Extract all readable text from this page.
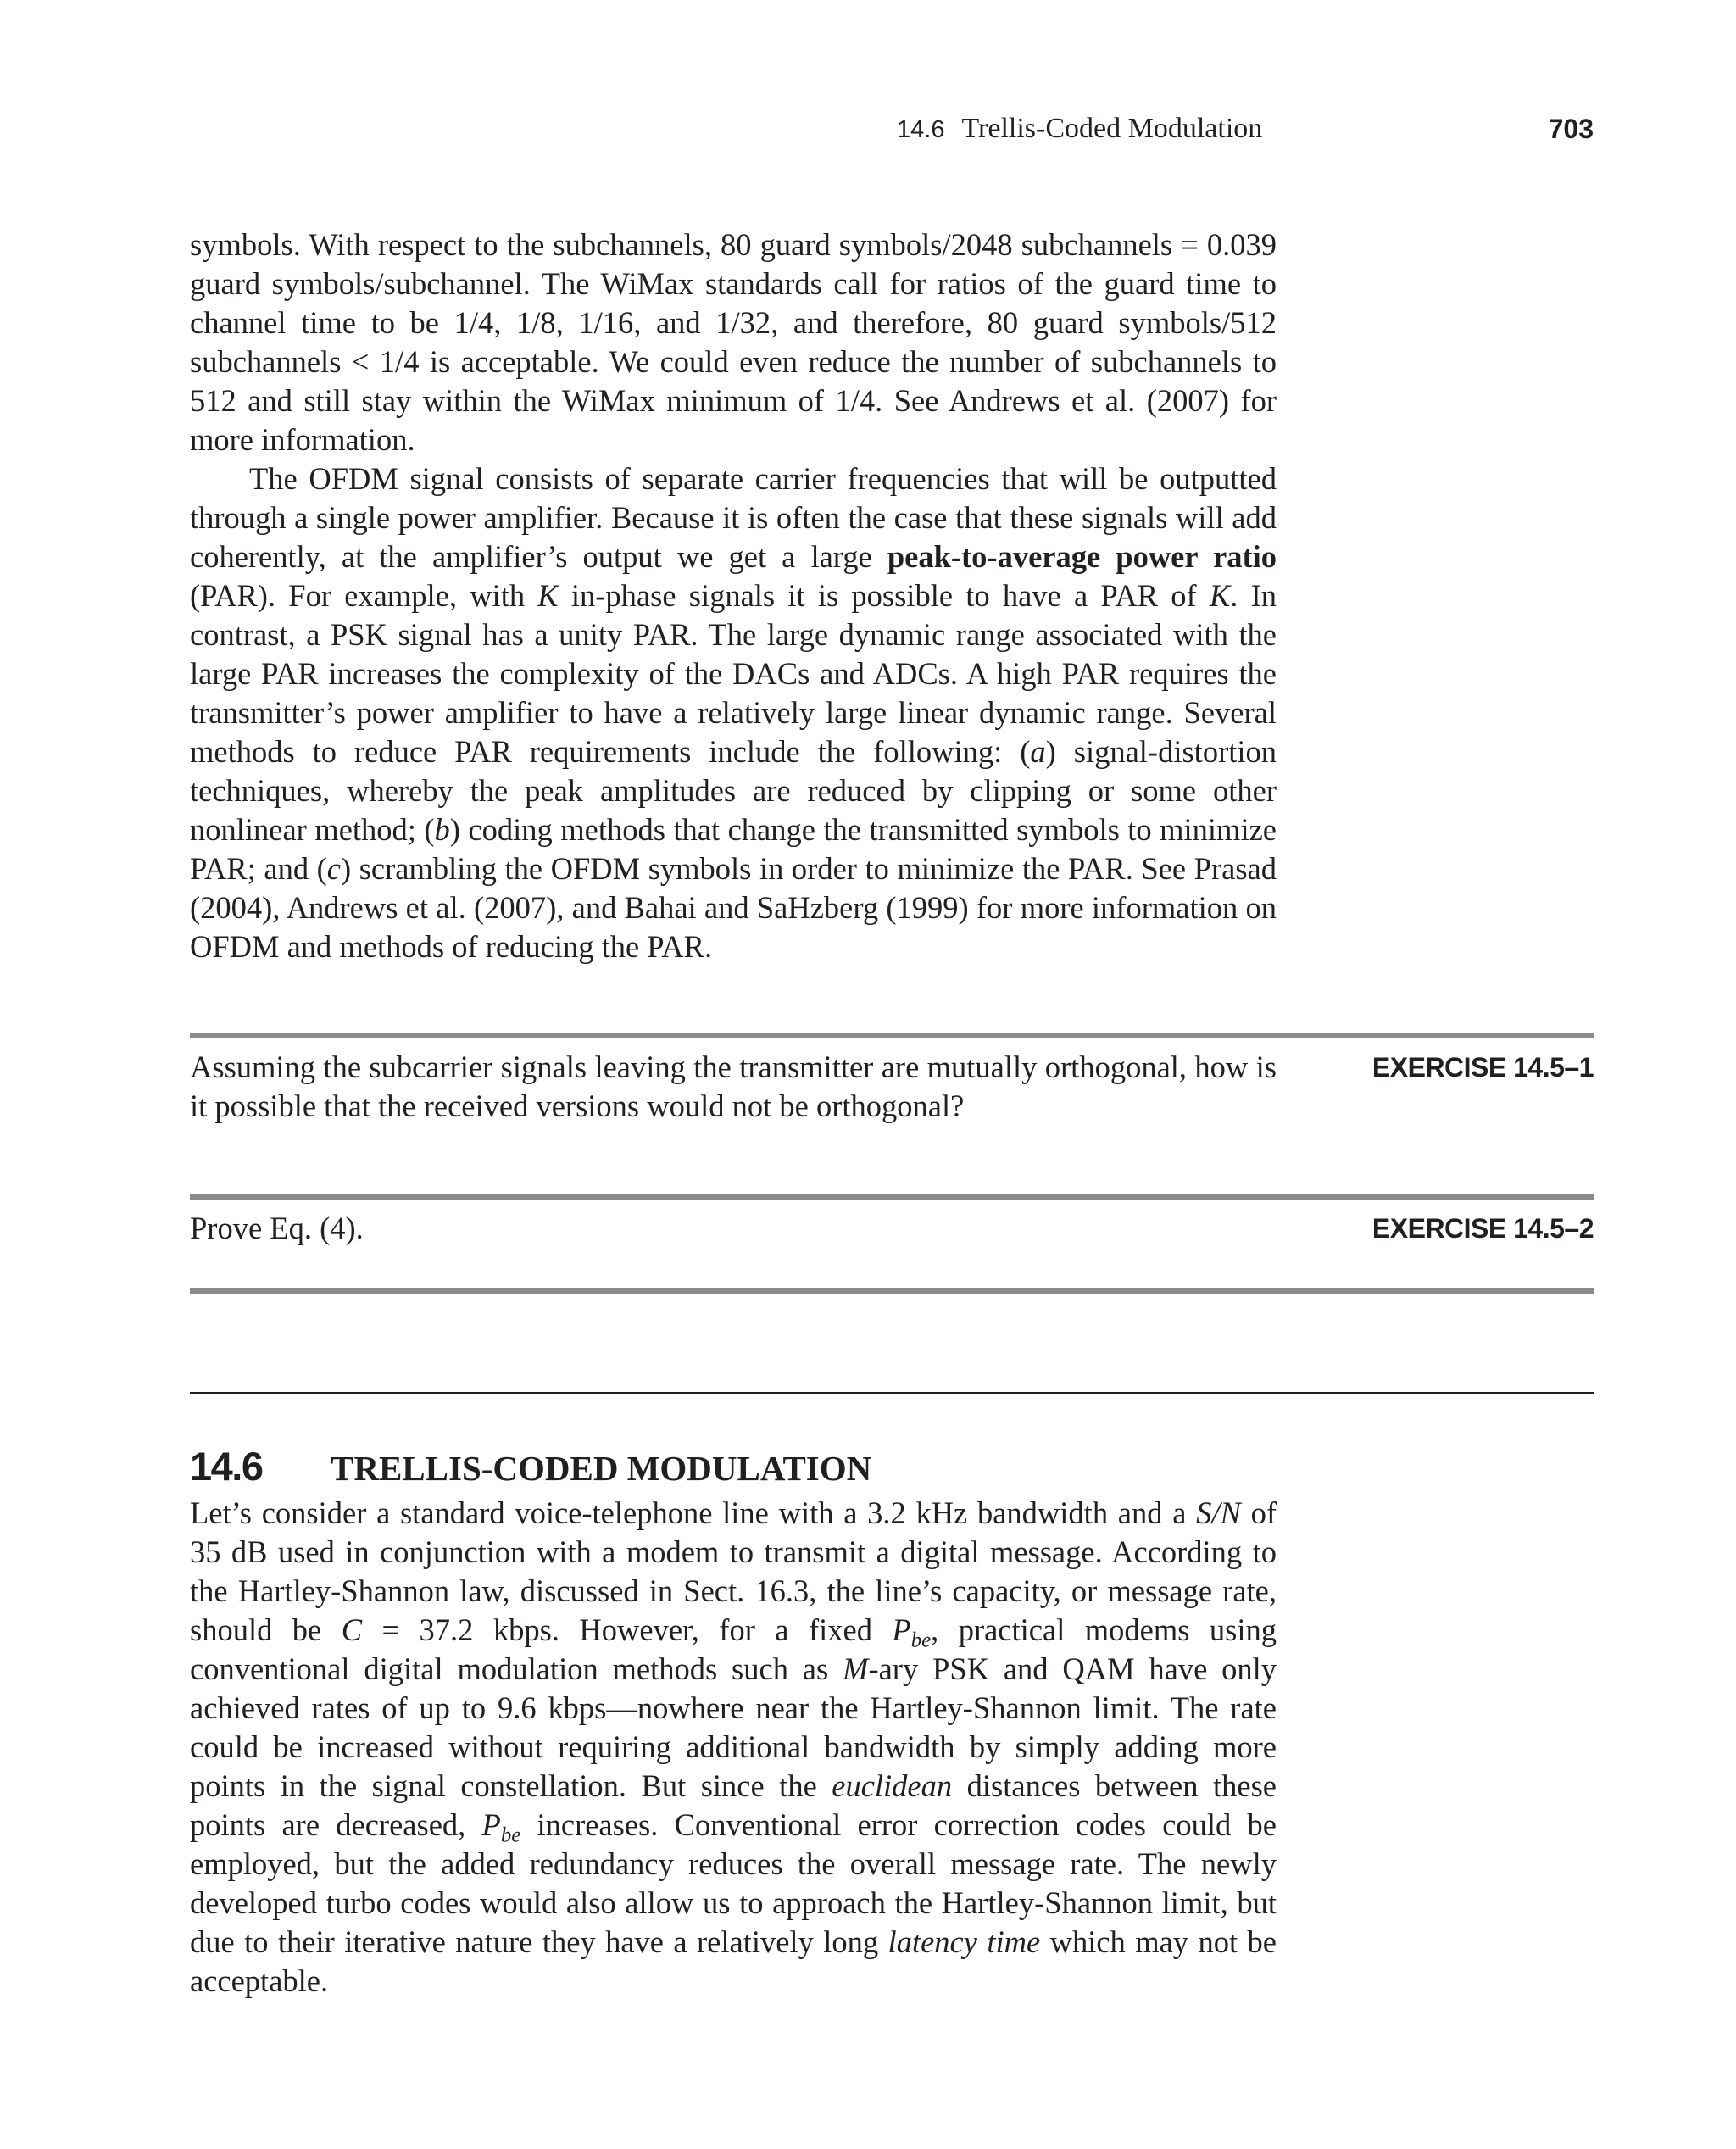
14.6 Trellis-Coded Modulation	703

symbols. With respect to the subchannels, 80 guard symbols/2048 subchannels = 0.039 guard symbols/subchannel. The WiMax standards call for ratios of the guard time to channel time to be 1/4, 1/8, 1/16, and 1/32, and therefore, 80 guard symbols/512 subchannels < 1/4 is acceptable. We could even reduce the number of subchannels to 512 and still stay within the WiMax minimum of 1/4. See Andrews et al. (2007) for more information.

The OFDM signal consists of separate carrier frequencies that will be outputted through a single power amplifier. Because it is often the case that these signals will add coherently, at the amplifier’s output we get a large peak-to-average power ratio (PAR). For example, with K in-phase signals it is possible to have a PAR of K. In contrast, a PSK signal has a unity PAR. The large dynamic range associated with the large PAR increases the complexity of the DACs and ADCs. A high PAR requires the transmitter’s power amplifier to have a relatively large linear dynamic range. Several methods to reduce PAR requirements include the following: (a) signal-distortion techniques, whereby the peak amplitudes are reduced by clipping or some other nonlinear method; (b) coding methods that change the transmitted symbols to minimize PAR; and (c) scrambling the OFDM symbols in order to minimize the PAR. See Prasad (2004), Andrews et al. (2007), and Bahai and SaHzberg (1999) for more information on OFDM and methods of reducing the PAR.

Assuming the subcarrier signals leaving the transmitter are mutually orthogonal, how is it possible that the received versions would not be orthogonal?
EXERCISE 14.5–1
Prove Eq. (4).	EXERCISE 14.5–2
14.6 TRELLIS-CODED MODULATION

Let’s consider a standard voice-telephone line with a 3.2 kHz bandwidth and a S/N of 35 dB used in conjunction with a modem to transmit a digital message. According to the Hartley-Shannon law, discussed in Sect. 16.3, the line’s capacity, or message rate, should be C = 37.2 kbps. However, for a fixed $P_{be}$, practical modems using conventional digital modulation methods such as M-ary PSK and QAM have only achieved rates of up to 9.6 kbps—nowhere near the Hartley-Shannon limit. The rate could be increased without requiring additional bandwidth by simply adding more points in the signal constellation. But since the euclidean distances between these points are decreased, $P_{be}$ increases. Conventional error correction codes could be employed, but the added redundancy reduces the overall message rate. The newly developed turbo codes would also allow us to approach the Hartley-Shannon limit, but due to their iterative nature they have a relatively long latency time which may not be acceptable.
